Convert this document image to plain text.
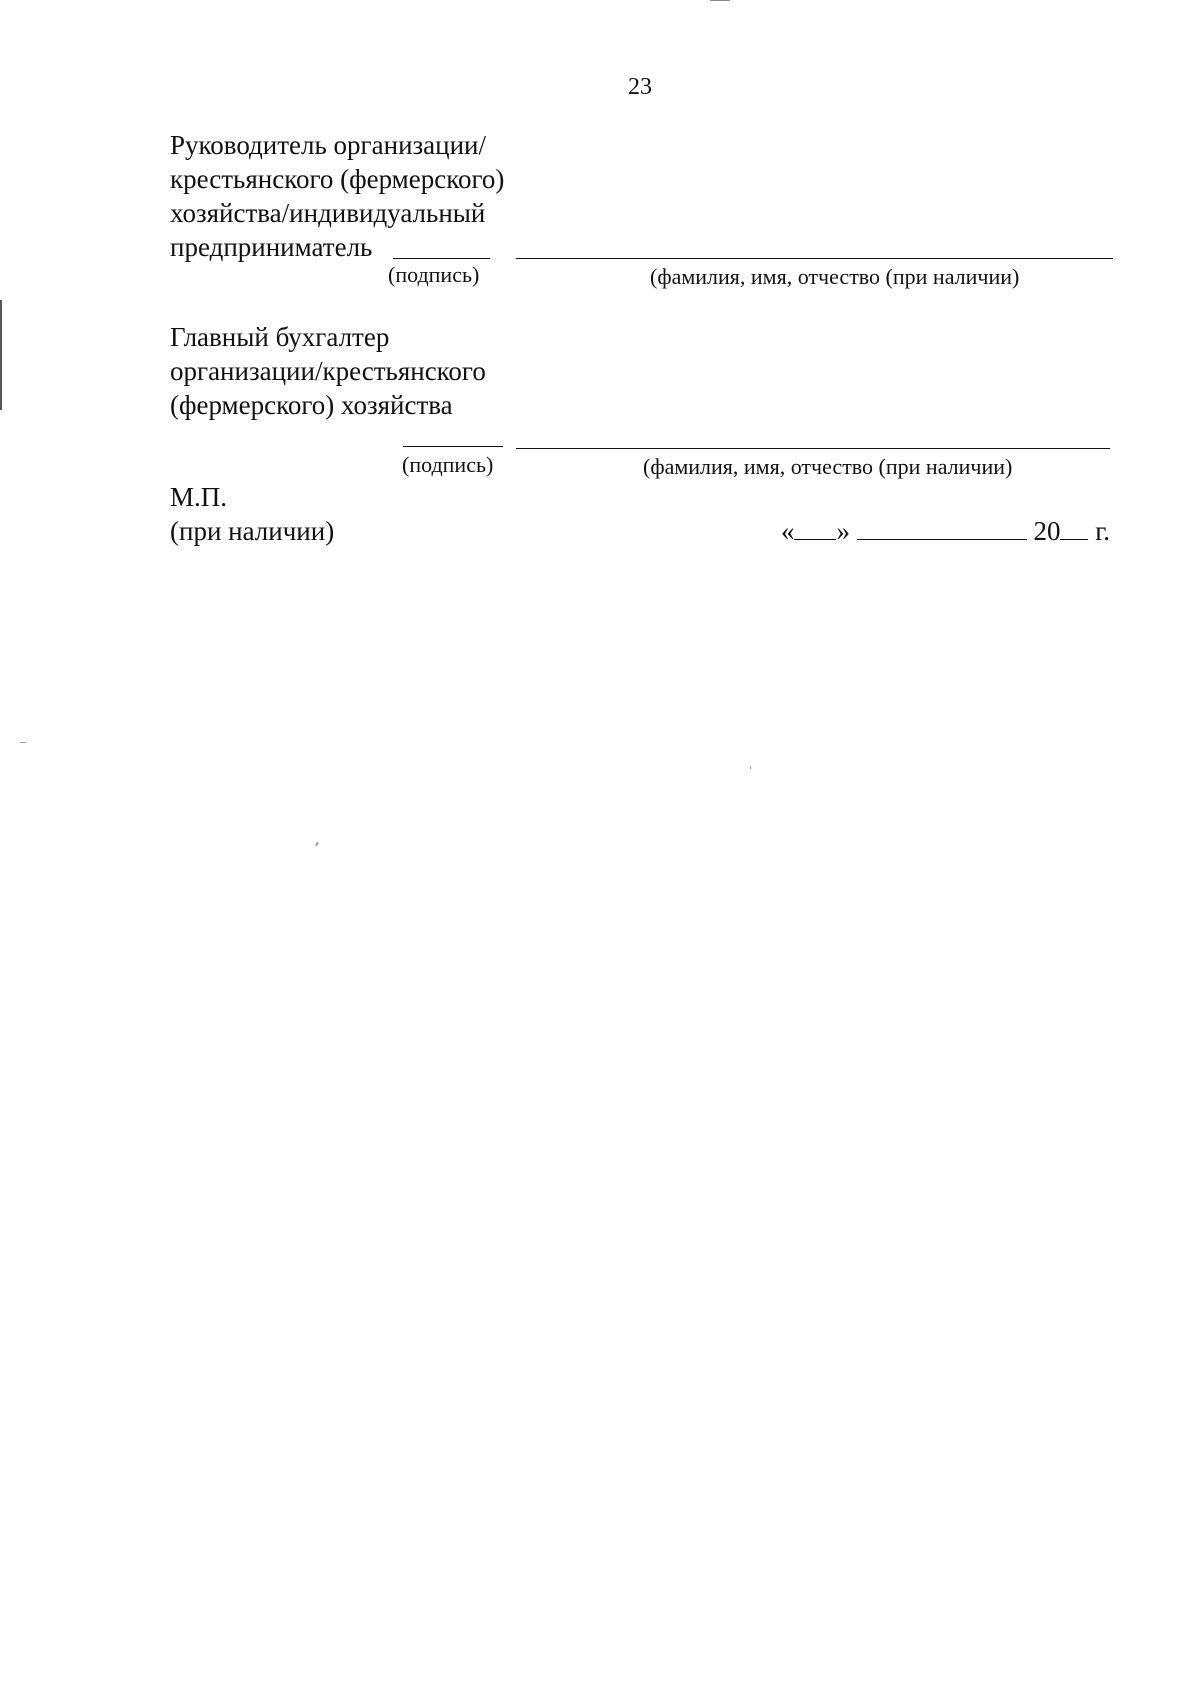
23
Руководитель организации/
крестьянского (фермерского)
хозяйства/индивидуальный
предприниматель
(подпись)	(фамилия, имя, отчество (при наличии)
Главный бухгалтер
организации/крестьянского
(фермерского) хозяйства
(подпись)	(фамилия, имя, отчество (при наличии)
М.П.
(при наличии)	« »	20 г.
